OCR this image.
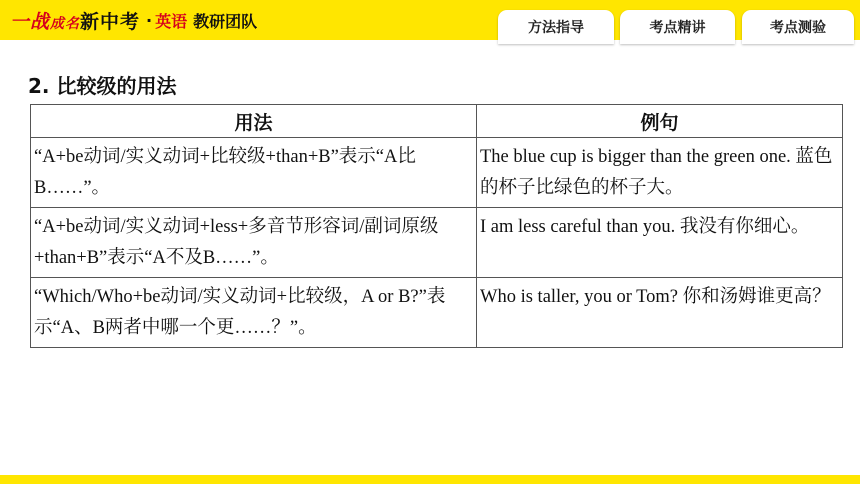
一战成名新中考 · 英语 教研团队	方法指导	考点精讲	考点测验
2. 比较级的用法
用法	例句
“A+be动词/实义动词+比较级+than+B”表示“A比B……”。	The blue cup is bigger than the green one. 蓝色的杯子比绿色的杯子大。
“A+be动词/实义动词+less+多音节形容词/副词原级+than+B”表示“A不及B……”。	I am less careful than you. 我没有你细心。
“Which/Who+be动词/实义动词+比较级，A or B?”表示“A、B两者中哪一个更……？”。	Who is taller, you or Tom? 你和汤姆谁更高？
